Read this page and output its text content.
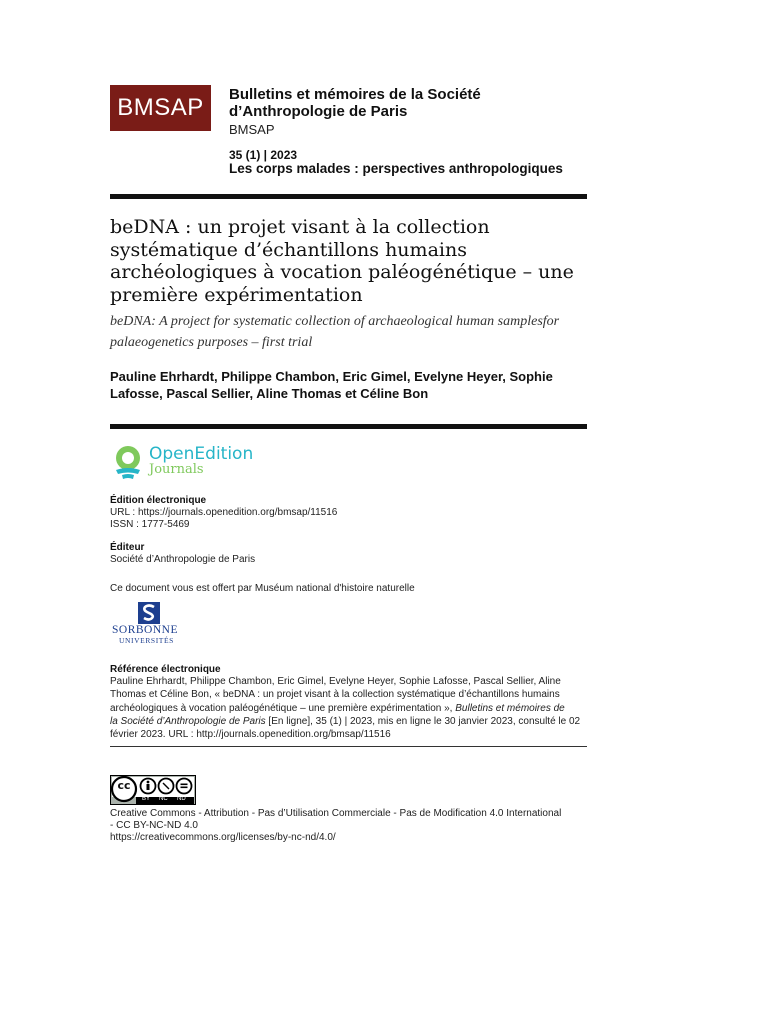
BMSAP Bulletins et mémoires de la Société
d’Anthropologie de Paris
BMSAP
35 (1) | 2023
Les corps malades : perspectives anthropologiques
beDNA : un projet visant à la collection
systématique d’échantillons humains
archéologiques à vocation paléogénétique – une
première expérimentation
beDNA: A project for systematic collection of archaeological human samplesfor
palaeogenetics purposes – first trial
Pauline Ehrhardt, Philippe Chambon, Eric Gimel, Evelyne Heyer, Sophie
Lafosse, Pascal Sellier, Aline Thomas et Céline Bon
OpenEdition
Journals
Édition électronique
URL : https://journals.openedition.org/bmsap/11516
ISSN : 1777-5469
Éditeur
Société d’Anthropologie de Paris
Ce document vous est offert par Muséum national d'histoire naturelle
SORBONNE
UNIVERSITÉS
Référence électronique
Pauline Ehrhardt, Philippe Chambon, Eric Gimel, Evelyne Heyer, Sophie Lafosse, Pascal Sellier, Aline
Thomas et Céline Bon, « beDNA : un projet visant à la collection systématique d’échantillons humains
archéologiques à vocation paléogénétique – une première expérimentation », Bulletins et mémoires de
la Société d’Anthropologie de Paris [En ligne], 35 (1) | 2023, mis en ligne le 30 janvier 2023, consulté le 02
février 2023. URL : http://journals.openedition.org/bmsap/11516
cc
BY NC ND
Creative Commons - Attribution - Pas d’Utilisation Commerciale - Pas de Modification 4.0 International
- CC BY-NC-ND 4.0
https://creativecommons.org/licenses/by-nc-nd/4.0/
